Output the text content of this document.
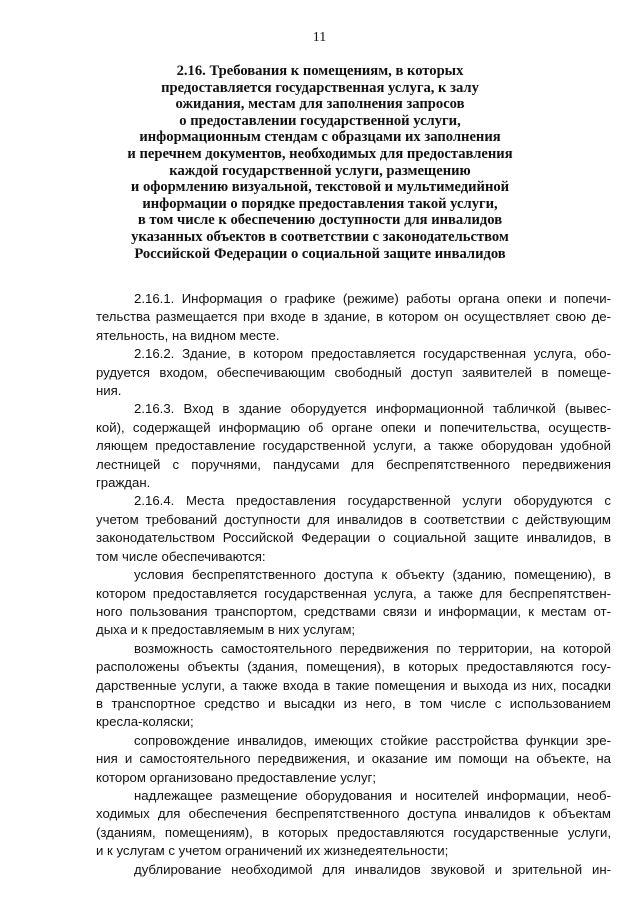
11
2.16. Требования к помещениям, в которых
предоставляется государственная услуга, к залу
ожидания, местам для заполнения запросов
о предоставлении государственной услуги,
информационным стендам с образцами их заполнения
и перечнем документов, необходимых для предоставления
каждой государственной услуги, размещению
и оформлению визуальной, текстовой и мультимедийной
информации о порядке предоставления такой услуги,
в том числе к обеспечению доступности для инвалидов
указанных объектов в соответствии с законодательством
Российской Федерации о социальной защите инвалидов
2.16.1. Информация о графике (режиме) работы органа опеки и попечи-
тельства размещается при входе в здание, в котором он осуществляет свою де-
ятельность, на видном месте.
2.16.2. Здание, в котором предоставляется государственная услуга, обо-
рудуется входом, обеспечивающим свободный доступ заявителей в помеще-
ния.
2.16.3. Вход в здание оборудуется информационной табличкой (вывес-
кой), содержащей информацию об органе опеки и попечительства, осуществ-
ляющем предоставление государственной услуги, а также оборудован удобной
лестницей с поручнями, пандусами для беспрепятственного передвижения
граждан.
2.16.4. Места предоставления государственной услуги оборудуются с
учетом требований доступности для инвалидов в соответствии с действующим
законодательством Российской Федерации о социальной защите инвалидов, в
том числе обеспечиваются:
условия беспрепятственного доступа к объекту (зданию, помещению), в
котором предоставляется государственная услуга, а также для беспрепятствен-
ного пользования транспортом, средствами связи и информации, к местам от-
дыха и к предоставляемым в них услугам;
возможность самостоятельного передвижения по территории, на которой
расположены объекты (здания, помещения), в которых предоставляются госу-
дарственные услуги, а также входа в такие помещения и выхода из них, посадки
в транспортное средство и высадки из него, в том числе с использованием
кресла-коляски;
сопровождение инвалидов, имеющих стойкие расстройства функции зре-
ния и самостоятельного передвижения, и оказание им помощи на объекте, на
котором организовано предоставление услуг;
надлежащее размещение оборудования и носителей информации, необ-
ходимых для обеспечения беспрепятственного доступа инвалидов к объектам
(зданиям, помещениям), в которых предоставляются государственные услуги,
и к услугам с учетом ограничений их жизнедеятельности;
дублирование необходимой для инвалидов звуковой и зрительной ин-
